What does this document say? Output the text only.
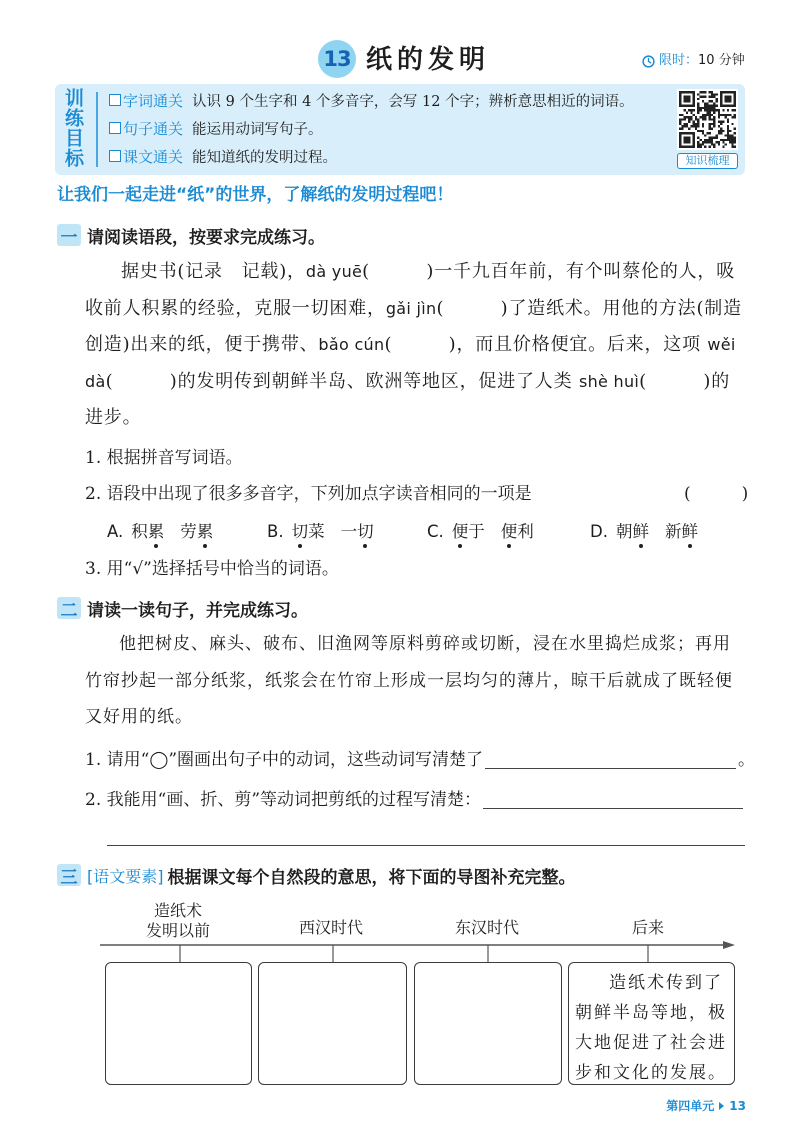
13 纸的发明	限时： 10 分钟
训练目标	字词通关 认识 9 个生字和 4 个多音字，会写 12 个字；辨析意思相近的词语。
句子通关 能运用动词写句子。
课文通关 能知道纸的发明过程。	知识梳理
让我们一起走进“纸”的世界，了解纸的发明过程吧！
一 请阅读语段，按要求完成练习。
据史书(记录　记载)，dà yuē(　　　)一千九百年前，有个叫蔡伦的人，吸收前人积累的经验，克服一切困难，gǎi jìn(　　　)了造纸术。用他的方法(制造　创造)出来的纸，便于携带、bǎo cún(　　　)，而且价格便宜。后来，这项 wěi dà(　　　)的发明传到朝鲜半岛、欧洲等地区，促进了人类 shè huì(　　　)的进步。
1. 根据拼音写词语。
2. 语段中出现了很多多音字，下列加点字读音相同的一项是	(　　　)
A. 积累 劳累	B. 切菜 一切	C. 便于 便利	D. 朝鲜 新鲜
3. 用“√”选择括号中恰当的词语。
二 请读一读句子，并完成练习。
他把树皮、麻头、破布、旧渔网等原料剪碎或切断，浸在水里捣烂成浆；再用竹帘抄起一部分纸浆，纸浆会在竹帘上形成一层均匀的薄片，晾干后就成了既轻便又好用的纸。
1. 请用“◯”圈画出句子中的动词，这些动词写清楚了	。
2. 我能用“画、折、剪”等动词把剪纸的过程写清楚：
三 [语文要素] 根据课文每个自然段的意思，将下面的导图补充完整。
造纸术
发明以前	西汉时代	东汉时代	后来
造纸术传到了朝鲜半岛等地，极大地促进了社会进步和文化的发展。
第四单元 13
